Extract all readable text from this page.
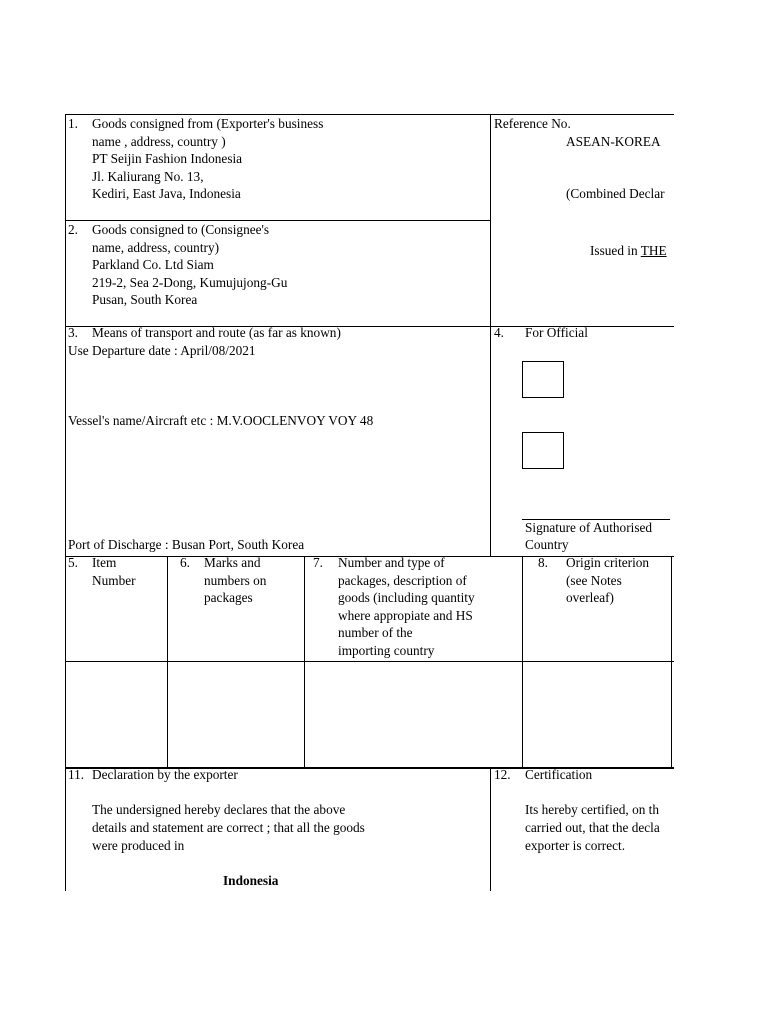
1. Goods consigned from (Exporter's business
name , address, country )
PT Seijin Fashion Indonesia
Jl. Kaliurang No. 13,
Kediri, East Java, Indonesia
Reference No.
ASEAN-KOREA
(Combined Declar
Issued in THE
2. Goods consigned to (Consignee's
name, address, country)
Parkland Co. Ltd Siam
219-2, Sea 2-Dong, Kumujujong-Gu
Pusan, South Korea
3. Means of transport and route (as far as known)
Use Departure date : April/08/2021
Vessel's name/Aircraft etc : M.V.OOCLENVOY VOY 48
Port of Discharge : Busan Port, South Korea
4. For Official
Signature of Authorised
Country
5. Item
Number
6. Marks and
numbers on
packages
7. Number and type of
packages, description of
goods (including quantity
where appropiate and HS
number of the
importing country
8. Origin criterion
(see Notes
overleaf)
11. Declaration by the exporter
The undersigned hereby declares that the above
details and statement are correct ; that all the goods
were produced in
Indonesia
12. Certification
Its hereby certified, on th
carried out, that the decla
exporter is correct.
